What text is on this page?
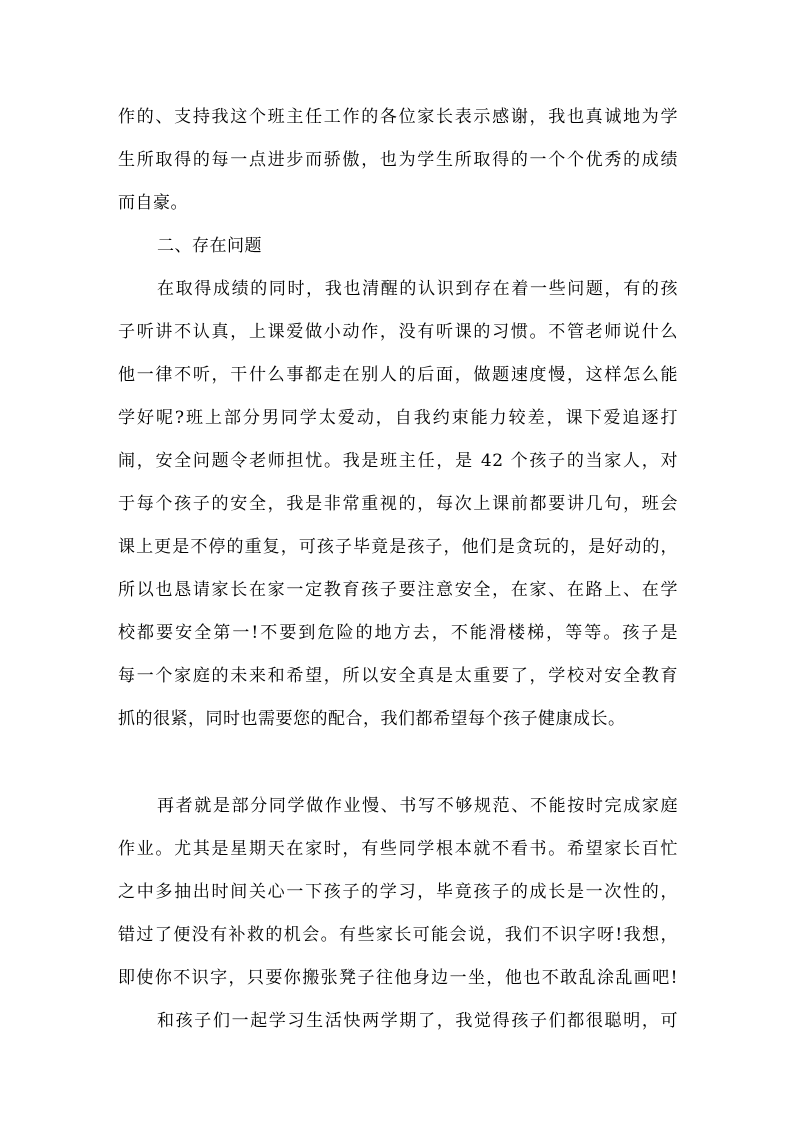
作的、支持我这个班主任工作的各位家长表示感谢，我也真诚地为学
生所取得的每一点进步而骄傲，也为学生所取得的一个个优秀的成绩
而自豪。
二、存在问题
在取得成绩的同时，我也清醒的认识到存在着一些问题，有的孩
子听讲不认真，上课爱做小动作，没有听课的习惯。不管老师说什么
他一律不听，干什么事都走在别人的后面，做题速度慢，这样怎么能
学好呢?班上部分男同学太爱动，自我约束能力较差，课下爱追逐打
闹，安全问题令老师担忧。我是班主任，是 42 个孩子的当家人，对
于每个孩子的安全，我是非常重视的，每次上课前都要讲几句，班会
课上更是不停的重复，可孩子毕竟是孩子，他们是贪玩的，是好动的，
所以也恳请家长在家一定教育孩子要注意安全，在家、在路上、在学
校都要安全第一!不要到危险的地方去，不能滑楼梯，等等。孩子是
每一个家庭的未来和希望，所以安全真是太重要了，学校对安全教育
抓的很紧，同时也需要您的配合，我们都希望每个孩子健康成长。
再者就是部分同学做作业慢、书写不够规范、不能按时完成家庭
作业。尤其是星期天在家时，有些同学根本就不看书。希望家长百忙
之中多抽出时间关心一下孩子的学习，毕竟孩子的成长是一次性的，
错过了便没有补救的机会。有些家长可能会说，我们不识字呀!我想，
即使你不识字，只要你搬张凳子往他身边一坐，他也不敢乱涂乱画吧!
和孩子们一起学习生活快两学期了，我觉得孩子们都很聪明，可
